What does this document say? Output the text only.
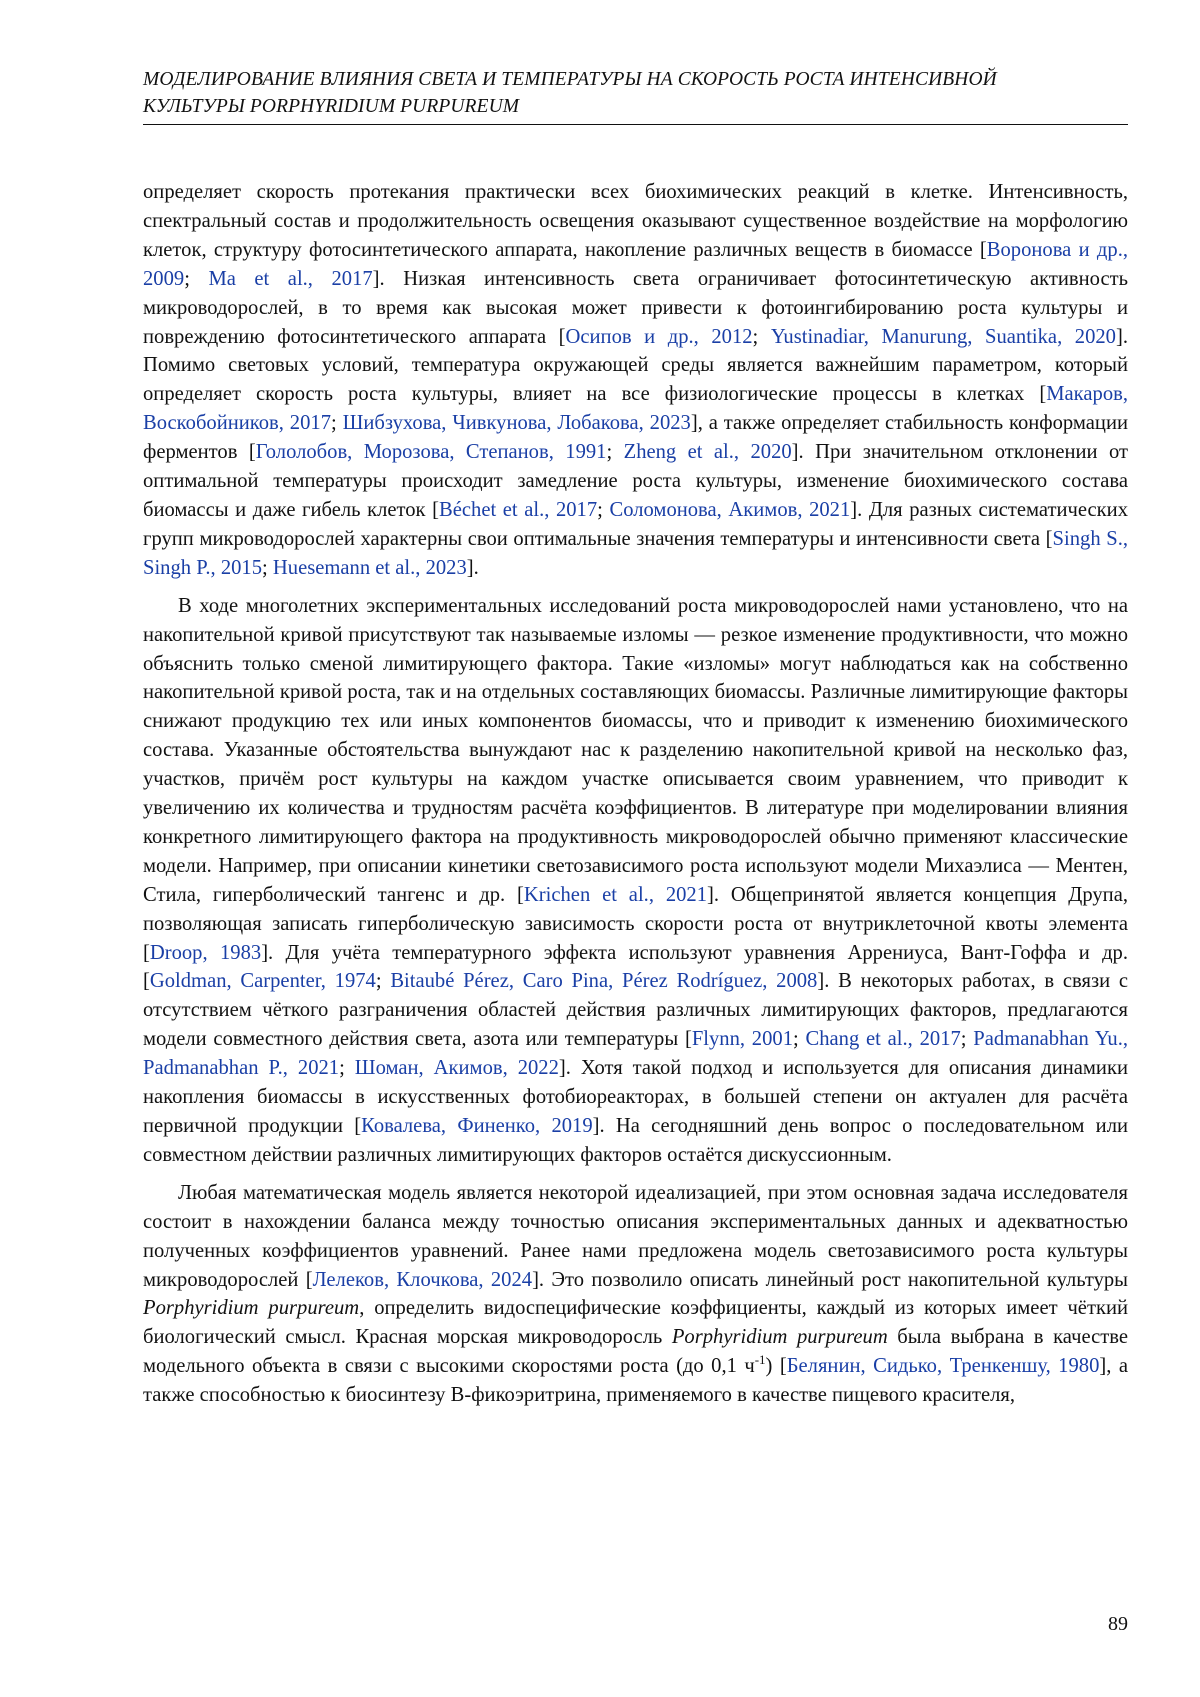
МОДЕЛИРОВАНИЕ ВЛИЯНИЯ СВЕТА И ТЕМПЕРАТУРЫ НА СКОРОСТЬ РОСТА ИНТЕНСИВНОЙ
КУЛЬТУРЫ PORPHYRIDIUM PURPUREUM

определяет скорость протекания практически всех биохимических реакций в клетке. Интенсивность, спектральный состав и продолжительность освещения оказывают существенное воздействие на морфологию клеток, структуру фотосинтетического аппарата, накопление различных веществ в биомассе [Воронова и др., 2009; Ma et al., 2017]. Низкая интенсивность света ограничивает фотосинтетическую активность микроводорослей, в то время как высокая может привести к фотоингибированию роста культуры и повреждению фотосинтетического аппарата [Осипов и др., 2012; Yustinadiar, Manurung, Suantika, 2020]. Помимо световых условий, температура окружающей среды является важнейшим параметром, который определяет скорость роста культуры, влияет на все физиологические процессы в клетках [Макаров, Воскобойников, 2017; Шибзухова, Чивкунова, Лобакова, 2023], а также определяет стабильность конформации ферментов [Гололобов, Морозова, Степанов, 1991; Zheng et al., 2020]. При значительном отклонении от оптимальной температуры происходит замедление роста культуры, изменение биохимического состава биомассы и даже гибель клеток [Béchet et al., 2017; Соломонова, Акимов, 2021]. Для разных систематических групп микроводорослей характерны свои оптимальные значения температуры и интенсивности света [Singh S., Singh P., 2015; Huesemann et al., 2023].

В ходе многолетних экспериментальных исследований роста микроводорослей нами установлено, что на накопительной кривой присутствуют так называемые изломы — резкое изменение продуктивности, что можно объяснить только сменой лимитирующего фактора. Такие «изломы» могут наблюдаться как на собственно накопительной кривой роста, так и на отдельных составляющих биомассы. Различные лимитирующие факторы снижают продукцию тех или иных компонентов биомассы, что и приводит к изменению биохимического состава. Указанные обстоятельства вынуждают нас к разделению накопительной кривой на несколько фаз, участков, причём рост культуры на каждом участке описывается своим уравнением, что приводит к увеличению их количества и трудностям расчёта коэффициентов. В литературе при моделировании влияния конкретного лимитирующего фактора на продуктивность микроводорослей обычно применяют классические модели. Например, при описании кинетики светозависимого роста используют модели Михаэлиса — Ментен, Стила, гиперболический тангенс и др. [Krichen et al., 2021]. Общепринятой является концепция Друпа, позволяющая записать гиперболическую зависимость скорости роста от внутриклеточной квоты элемента [Droop, 1983]. Для учёта температурного эффекта используют уравнения Аррениуса, Вант-Гоффа и др. [Goldman, Carpenter, 1974; Bitaubé Pérez, Caro Pina, Pérez Rodríguez, 2008]. В некоторых работах, в связи с отсутствием чёткого разграничения областей действия различных лимитирующих факторов, предлагаются модели совместного действия света, азота или температуры [Flynn, 2001; Chang et al., 2017; Padmanabhan Yu., Padmanabhan P., 2021; Шоман, Акимов, 2022]. Хотя такой подход и используется для описания динамики накопления биомассы в искусственных фотобиореакторах, в большей степени он актуален для расчёта первичной продукции [Ковалева, Финенко, 2019]. На сегодняшний день вопрос о последовательном или совместном действии различных лимитирующих факторов остаётся дискуссионным.

Любая математическая модель является некоторой идеализацией, при этом основная задача исследователя состоит в нахождении баланса между точностью описания экспериментальных данных и адекватностью полученных коэффициентов уравнений. Ранее нами предложена модель светозависимого роста культуры микроводорослей [Лелеков, Клочкова, 2024]. Это позволило описать линейный рост накопительной культуры Porphyridium purpureum, определить видоспецифические коэффициенты, каждый из которых имеет чёткий биологический смысл. Красная морская микроводоросль Porphyridium purpureum была выбрана в качестве модельного объекта в связи с высокими скоростями роста (до 0,1 $ч^{-1}$) [Белянин, Сидько, Тренкеншу, 1980], а также способностью к биосинтезу В-фикоэритрина, применяемого в качестве пищевого красителя,

89
